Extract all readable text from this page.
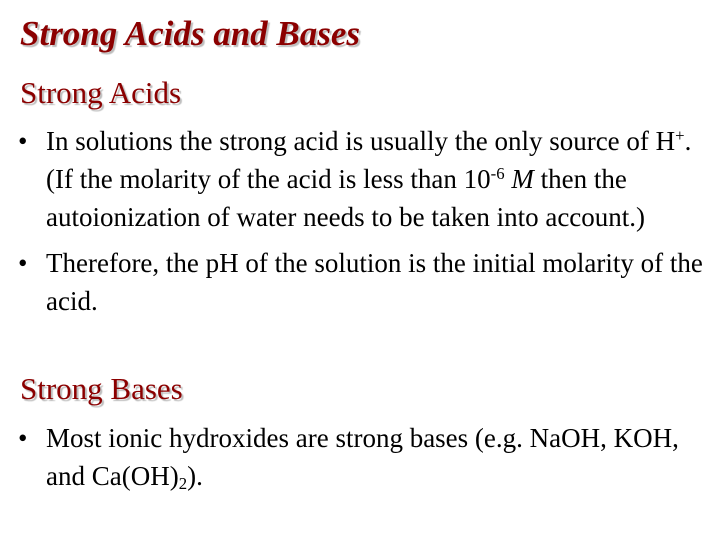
Strong Acids and Bases
Strong Acids
• In solutions the strong acid is usually the only source of H+. (If the molarity of the acid is less than $10^{-6}$ M then the autoionization of water needs to be taken into account.)
• Therefore, the pH of the solution is the initial molarity of the acid.
Strong Bases
• Most ionic hydroxides are strong bases (e.g. NaOH, KOH, and $Ca(OH)_2$).
